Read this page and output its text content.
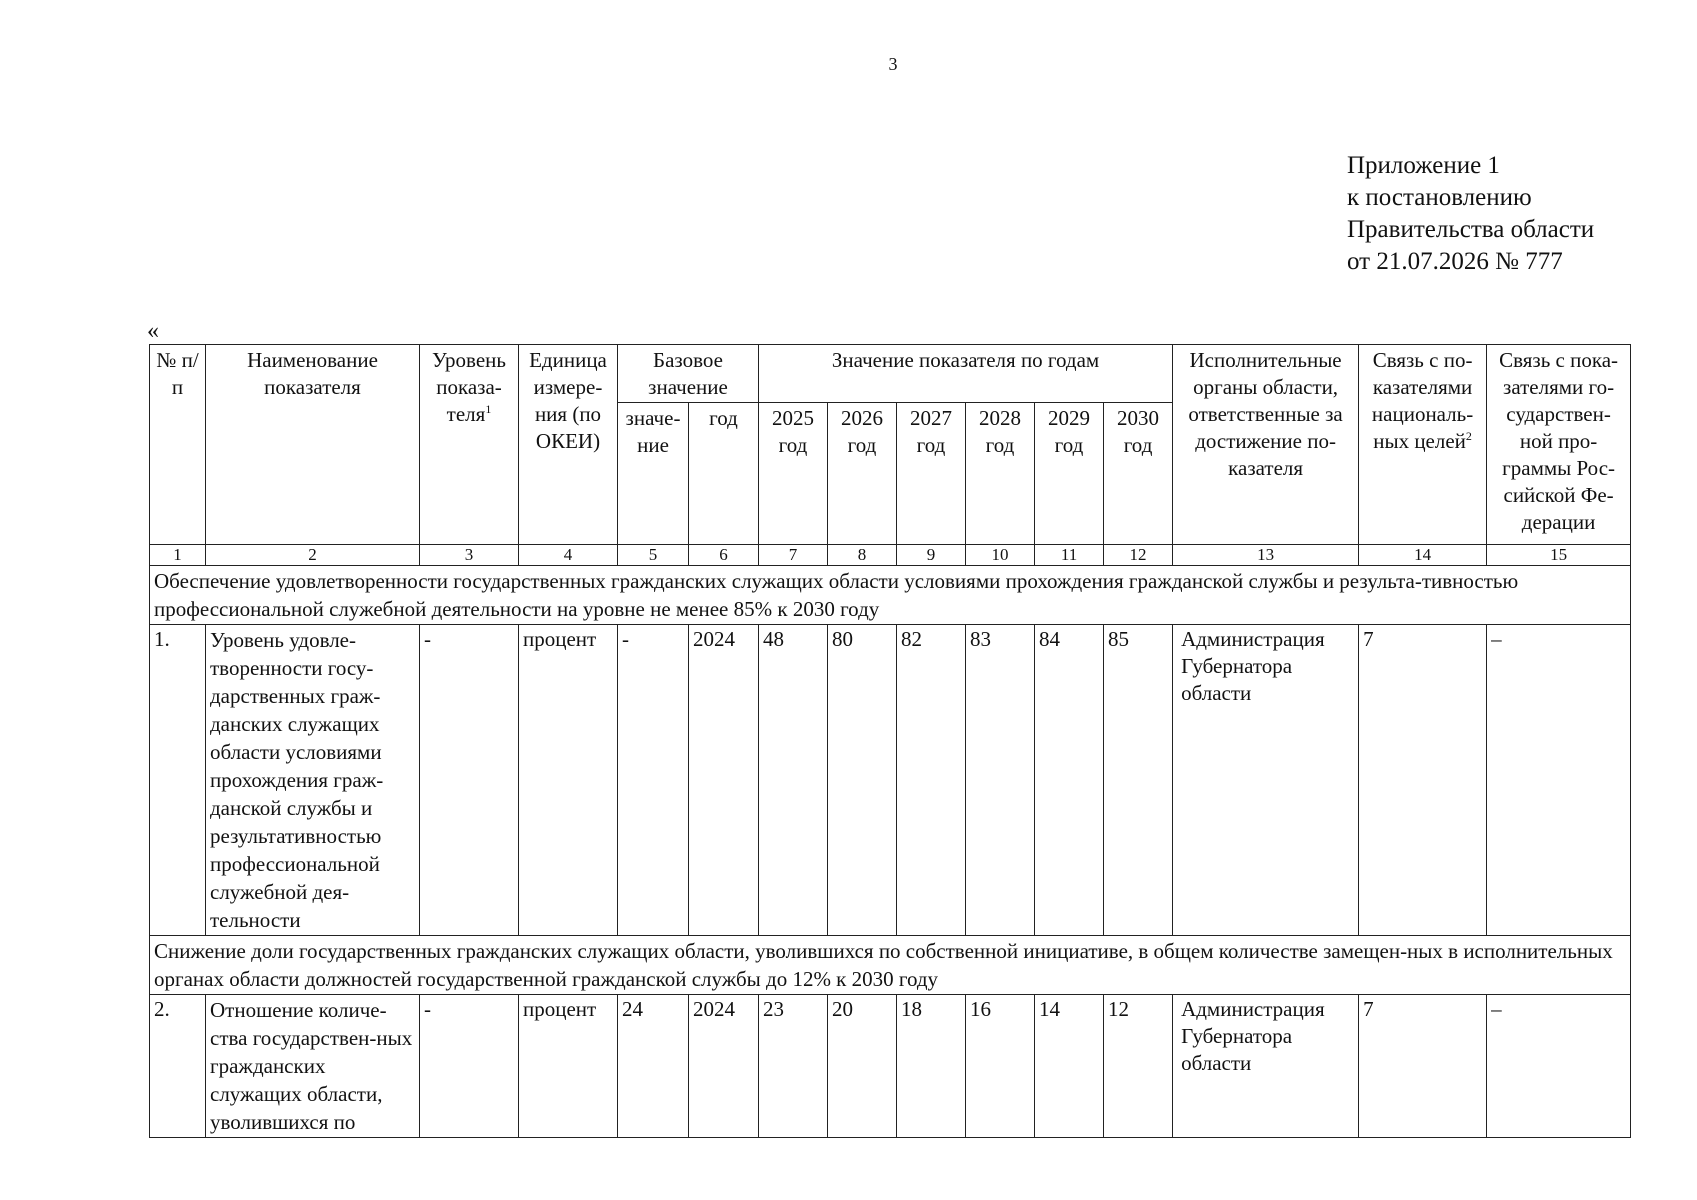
3
Приложение 1
к постановлению
Правительства области
от 21.07.2026 № 777
«
№ п/п	Наименование показателя	Уровень показа-теля$^1$	Единица измере-ния (по ОКЕИ)	Базовое значение		Значение показателя по годам						Исполнительные органы области, ответственные за достижение по-казателя	Связь с по-казателями националь-ных целей$^2$	Связь с пока-зателями го-сударствен-ной про-граммы Рос-сийской Фе-дерации
				значе-ние	год	2025 год	2026 год	2027 год	2028 год	2029 год	2030 год			
1	2	3	4	5	6	7	8	9	10	11	12	13	14	15
Обеспечение удовлетворенности государственных гражданских служащих области условиями прохождения гражданской службы и результа-тивностью профессиональной служебной деятельности на уровне не менее 85% к 2030 году														
1.	Уровень удовле-творенности госу-дарственных граж-данских служащих области условиями прохождения граж-данской службы и результативностью профессиональной служебной дея-тельности	-	процент	-	2024	48	80	82	83	84	85	Администрация Губернатора области	7	–
Снижение доли государственных гражданских служащих области, уволившихся по собственной инициативе, в общем количестве замещен-ных в исполнительных органах области должностей государственной гражданской службы до 12% к 2030 году														
2.	Отношение количе-ства государствен-ных гражданских служащих области, уволившихся по	-	процент	24	2024	23	20	18	16	14	12	Администрация Губернатора области	7	–
